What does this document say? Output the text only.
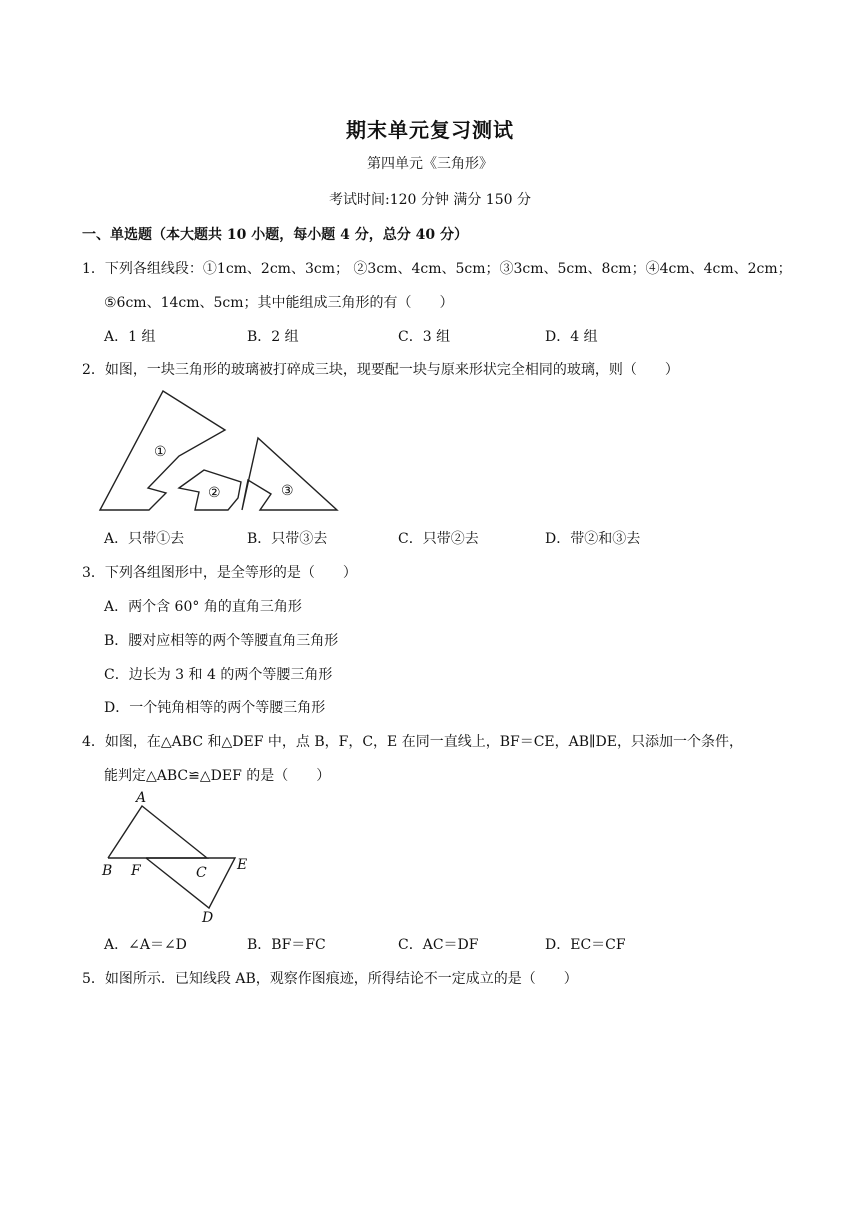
期末单元复习测试
第四单元《三角形》
考试时间:120 分钟 满分 150 分
一、单选题（本大题共 10 小题，每小题 4 分，总分 40 分）
1．下列各组线段：①1cm、2cm、3cm； ②3cm、4cm、5cm；③3cm、5cm、8cm；④4cm、4cm、2cm；
⑤6cm、14cm、5cm；其中能组成三角形的有（　　）
A．1 组	B．2 组	C．3 组	D．4 组
2．如图，一块三角形的玻璃被打碎成三块，现要配一块与原来形状完全相同的玻璃，则（　　）
①
②	③
A．只带①去	B．只带③去	C．只带②去	D．带②和③去
3．下列各组图形中，是全等形的是（　　）
A．两个含 60° 角的直角三角形
B．腰对应相等的两个等腰直角三角形
C．边长为 3 和 4 的两个等腰三角形
D．一个钝角相等的两个等腰三角形
4．如图，在△ABC 和△DEF 中，点 B，F，C，E 在同一直线上，BF＝CE，AB∥DE，只添加一个条件，
能判定△ABC≌△DEF 的是（　　）
A
B F	C E
D
A．∠A＝∠D	B．BF＝FC	C．AC＝DF	D．EC＝CF
5．如图所示．已知线段 AB，观察作图痕迹，所得结论不一定成立的是（　　）
